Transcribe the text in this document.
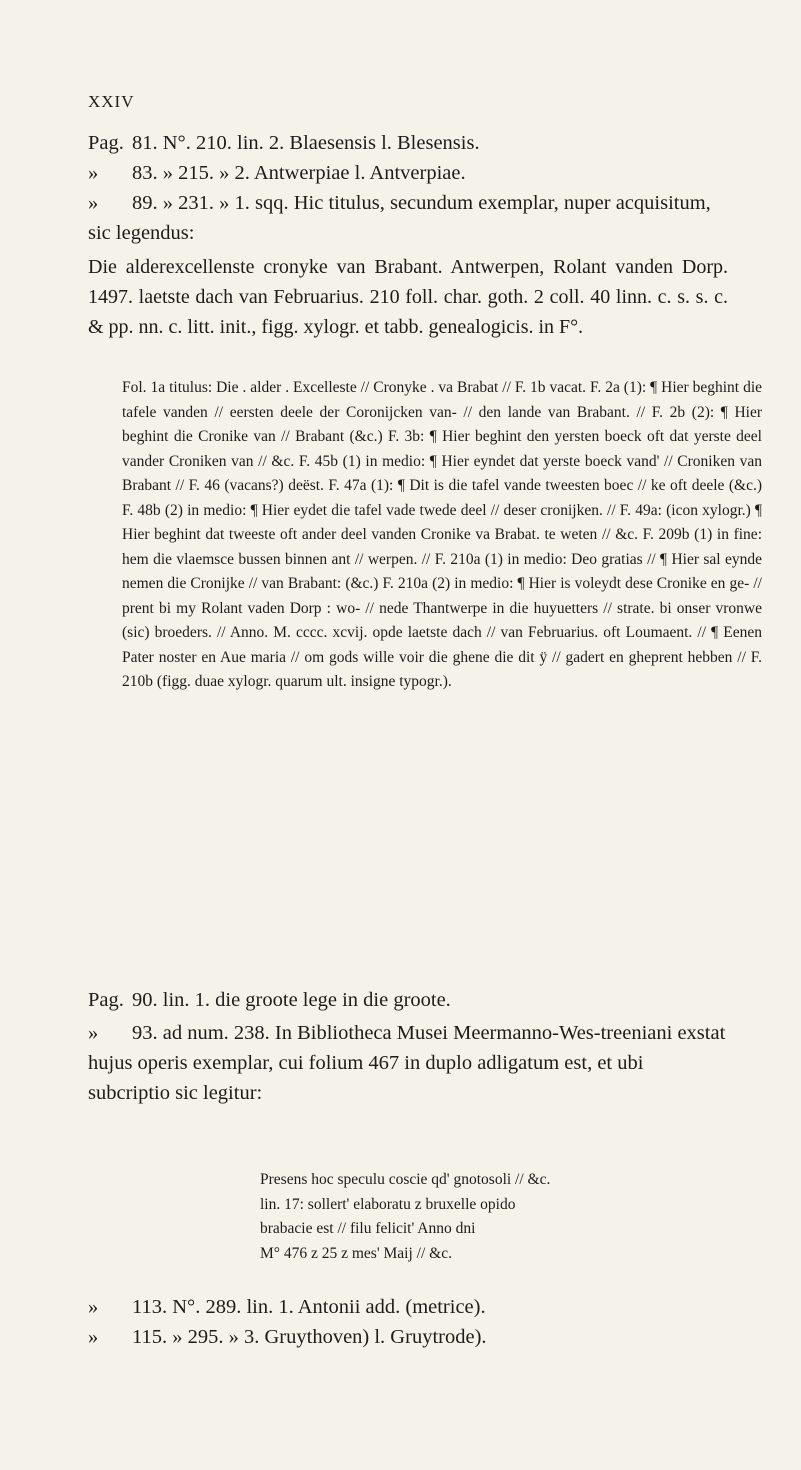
XXIV
Pag. 81. N°. 210. lin. 2. Blaesensis l. Blesensis.
» 83. » 215. » 2. Antwerpiae l. Antverpiae.
» 89. » 231. » 1. sqq. Hic titulus, secundum exemplar, nuper acquisitum, sic legendus:
Die alderexcellenste cronyke van Brabant. Antwerpen, Rolant vanden Dorp. 1497. laetste dach van Februarius. 210 foll. char. goth. 2 coll. 40 linn. c. s. s. c. & pp. nn. c. litt. init., figg. xylogr. et tabb. genealogicis. in F°.
Fol. 1a titulus: Die . alder . Excelleste // Cronyke . va Brabat // F. 1b vacat. F. 2a (1): ¶ Hier beghint die tafele vanden // eersten deele der Coronijcken van- // den lande van Brabant. // F. 2b (2): ¶ Hier beghint die Cronike van // Brabant (&c.) F. 3b: ¶ Hier beghint den yersten boeck oft dat yerste deel vander Croniken van // &c. F. 45b (1) in medio: ¶ Hier eyndet dat yerste boeck vand' // Croniken van Brabant // F. 46 (vacans?) deëst. F. 47a (1): ¶ Dit is die tafel vande tweesten boec // ke oft deele (&c.) F. 48b (2) in medio: ¶ Hier eydet die tafel vade twede deel // deser cronijken. // F. 49a: (icon xylogr.) ¶ Hier beghint dat tweeste oft ander deel vanden Cronike va Brabat. te weten // &c. F. 209b (1) in fine: hem die vlaemsce bussen binnen ant // werpen. // F. 210a (1) in medio: Deo gratias // ¶ Hier sal eynde nemen die Cronijke // van Brabant: (&c.) F. 210a (2) in medio: ¶ Hier is voleydt dese Cronike en ge- // prent bi my Rolant vaden Dorp : wo- // nede Thantwerpe in die huyuetters // strate. bi onser vronwe (sic) broeders. // Anno. M. cccc. xcvij. opde laetste dach // van Februarius. oft Loumaent. // ¶ Eenen Pater noster en Aue maria // om gods wille voir die ghene die dit ÿ // gadert en gheprent hebben // F. 210b (figg. duae xylogr. quarum ult. insigne typogr.).
Pag. 90. lin. 1. die groote lege in die groote.
» 93. ad num. 238. In Bibliotheca Musei Meermanno-Wes-treeniani exstat hujus operis exemplar, cui folium 467 in duplo adligatum est, et ubi subcriptio sic legitur:
Presens hoc speculu coscie qd' gnotosoli // &c.
lin. 17: sollert' elaboratu z bruxelle opido
brabacie est // filu felicit' Anno dni
M° 476 z 25 z mes' Maij // &c.
» 113. N°. 289. lin. 1. Antonii add. (metrice).
» 115. » 295. » 3. Gruythoven) l. Gruytrode).
